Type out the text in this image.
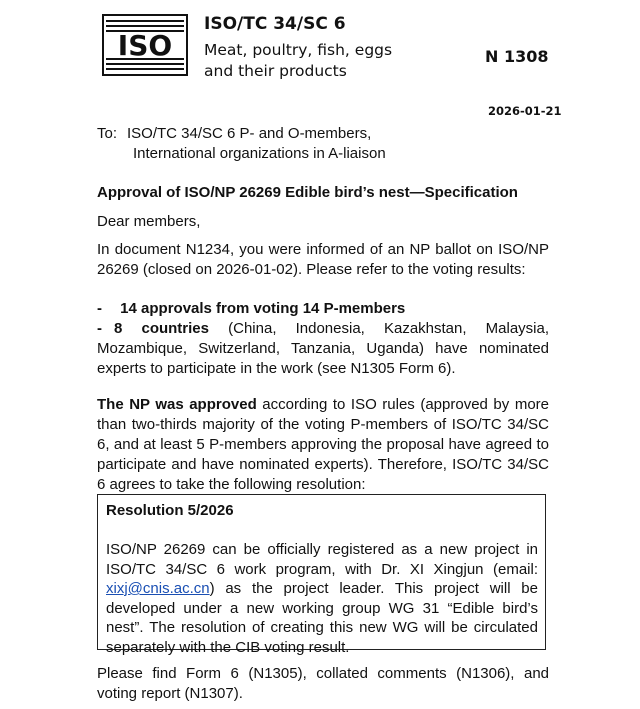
ISO
ISO/TC 34/SC 6
Meat, poultry, fish, eggs and their products
N 1308
2026-01-21
To: ISO/TC 34/SC 6 P- and O-members,
International organizations in A-liaison
Approval of ISO/NP 26269 Edible bird’s nest—Specification
Dear members,
In document N1234, you were informed of an NP ballot on ISO/NP 26269 (closed on 2026-01-02). Please refer to the voting results:
- 14 approvals from voting 14 P-members
- 8 countries (China, Indonesia, Kazakhstan, Malaysia, Mozambique, Switzerland, Tanzania, Uganda) have nominated experts to participate in the work (see N1305 Form 6).
The NP was approved according to ISO rules (approved by more than two-thirds majority of the voting P-members of ISO/TC 34/SC 6, and at least 5 P-members approving the proposal have agreed to participate and have nominated experts). Therefore, ISO/TC 34/SC 6 agrees to take the following resolution:
Resolution 5/2026
ISO/NP 26269 can be officially registered as a new project in ISO/TC 34/SC 6 work program, with Dr. XI Xingjun (email: xixj@cnis.ac.cn) as the project leader. This project will be developed under a new working group WG 31 “Edible bird’s nest”. The resolution of creating this new WG will be circulated separately with the CIB voting result.
Please find Form 6 (N1305), collated comments (N1306), and voting report (N1307).
